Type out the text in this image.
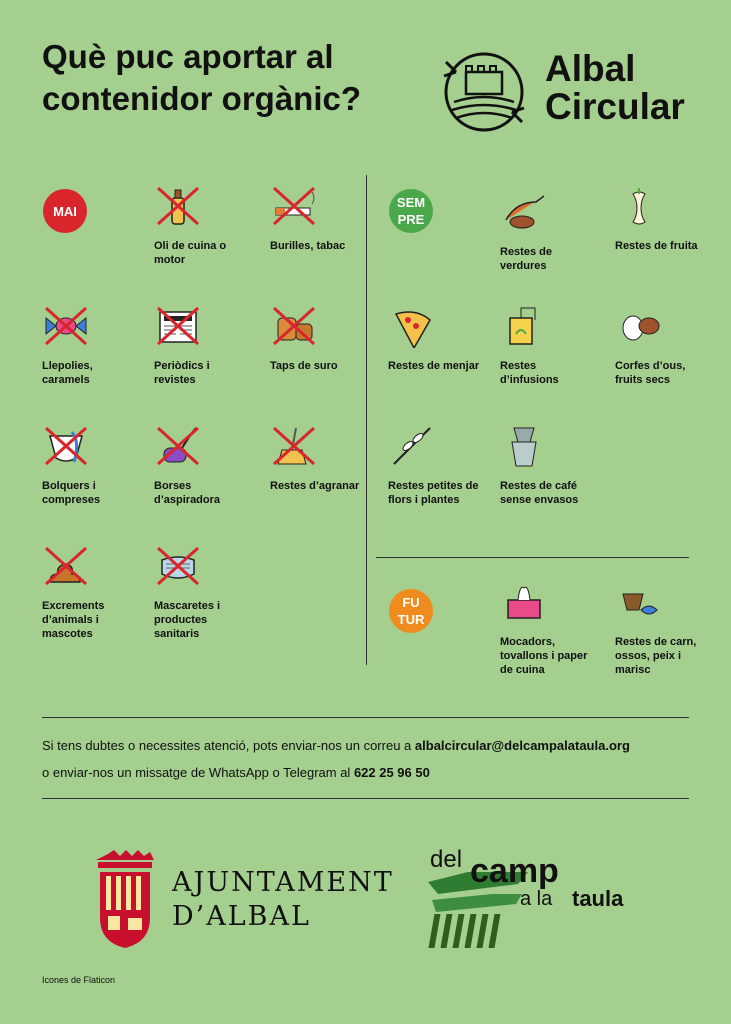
Què puc aportar al
contenidor orgànic?
Albal
Circular
MAI
Oli de cuina o motor
Burilles, tabac
Llepolies, caramels
Periòdics i revistes
Taps de suro
Bolquers i compreses
Borses d’aspiradora
Restes d’agranar
Excrements d’animals i mascotes
Mascaretes i productes sanitaris
SEM
PRE
Restes de verdures
Restes de fruita
Restes de menjar Restes d’infusions
Corfes d’ous, fruits secs
Restes petites de flors i plantes
Restes de café sense envasos
FU
TUR
Mocadors, tovallons i paper de cuina
Restes de carn, ossos, peix i marisc
Si tens dubtes o necessites atenció, pots enviar-nos un correu a albalcircular@delcampalataula.org
o enviar-nos un missatge de WhatsApp o Telegram al 622 25 96 50
AJUNTAMENT
D’ALBAL
del camp
a la taula
Icones de Flaticon
